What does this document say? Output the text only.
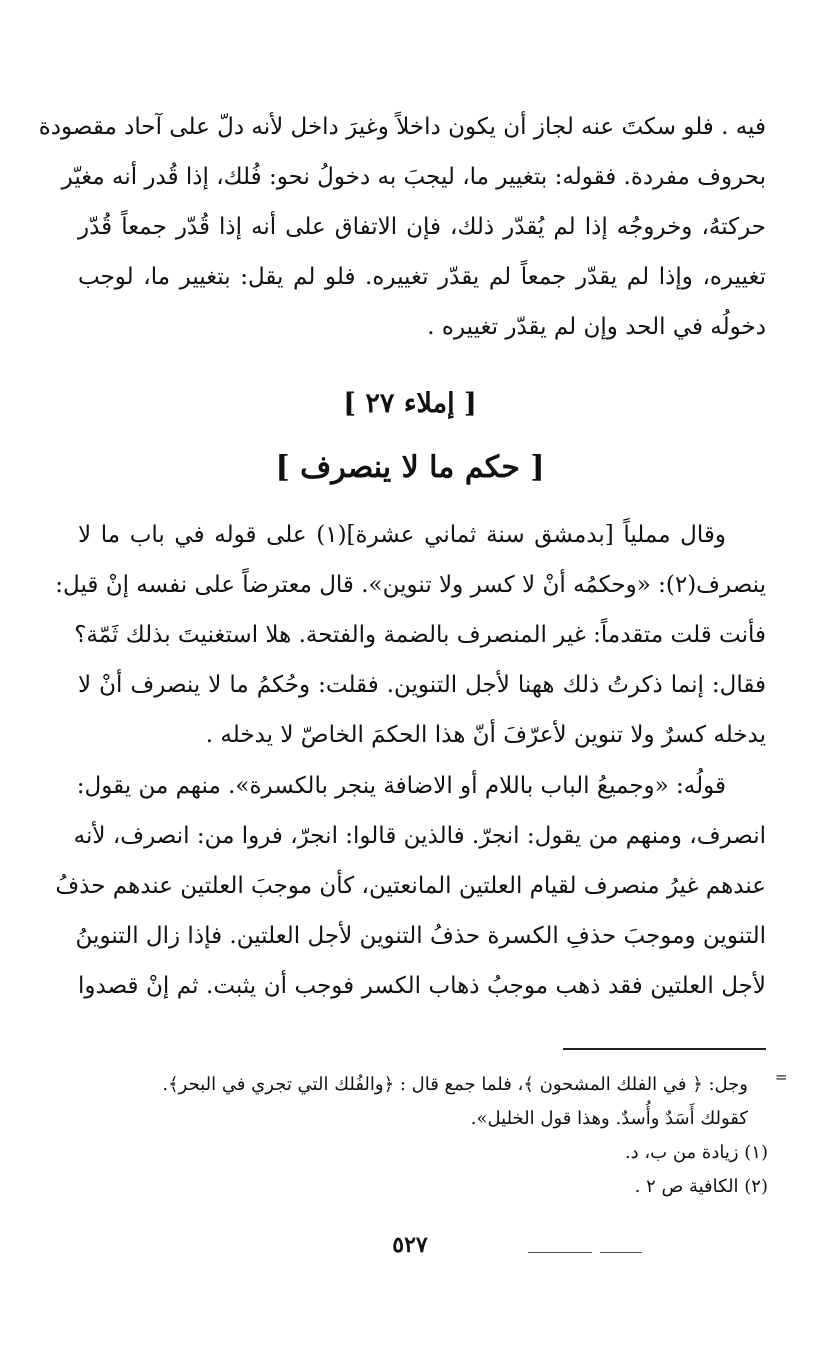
فيه . فلو سكتَ عنه لجاز أن يكون داخلاً وغيرَ داخل لأنه دلّ على آحاد مقصودة
بحروف مفردة. فقوله: بتغيير ما، ليجبَ به دخولُ نحو: فُلك، إذا قُدر أنه مغيّر
حركتهُ، وخروجُه إذا لم يُقدّر ذلك، فإن الاتفاق على أنه إذا قُدّر جمعاً قُدّر
تغييره، وإذا لم يقدّر جمعاً لم يقدّر تغييره. فلو لم يقل: بتغيير ما، لوجب
دخولُه في الحد وإن لم يقدّر تغييره .
[ إملاء ٢٧ ]
[ حكم ما لا ينصرف ]
وقال مملياً [بدمشق سنة ثماني عشرة](١) على قوله في باب ما لا
ينصرف(٢): «وحكمُه أنْ لا كسر ولا تنوين». قال معترضاً على نفسه إنْ قيل:
فأنت قلت متقدماً: غير المنصرف بالضمة والفتحة. هلا استغنيتَ بذلك ثَمّة؟
فقال: إنما ذكرتُ ذلك ههنا لأجل التنوين. فقلت: وحُكمُ ما لا ينصرف أنْ لا
يدخله كسرٌ ولا تنوين لأعرّفَ أنّ هذا الحكمَ الخاصّ لا يدخله .
قولُه: «وجميعُ الباب باللام أو الاضافة ينجر بالكسرة». منهم من يقول:
انصرف، ومنهم من يقول: انجرّ. فالذين قالوا: انجرّ، فروا من: انصرف، لأنه
عندهم غيرُ منصرف لقيام العلتين المانعتين، كأن موجبَ العلتين عندهم حذفُ
التنوين وموجبَ حذفِ الكسرة حذفُ التنوين لأجل العلتين. فإذا زال التنوينُ
لأجل العلتين فقد ذهب موجبُ ذهاب الكسر فوجب أن يثبت. ثم إنْ قصدوا
=
وجل: ﴿ في الفلك المشحون ﴾، فلما جمع قال : ﴿والفُلك التي تجري في البحر﴾.
كقولك أَسَدٌ وأُسدٌ. وهذا قول الخليل».
(١) زيادة من ب، د.
(٢) الكافية ص ٢ .
٥٢٧
